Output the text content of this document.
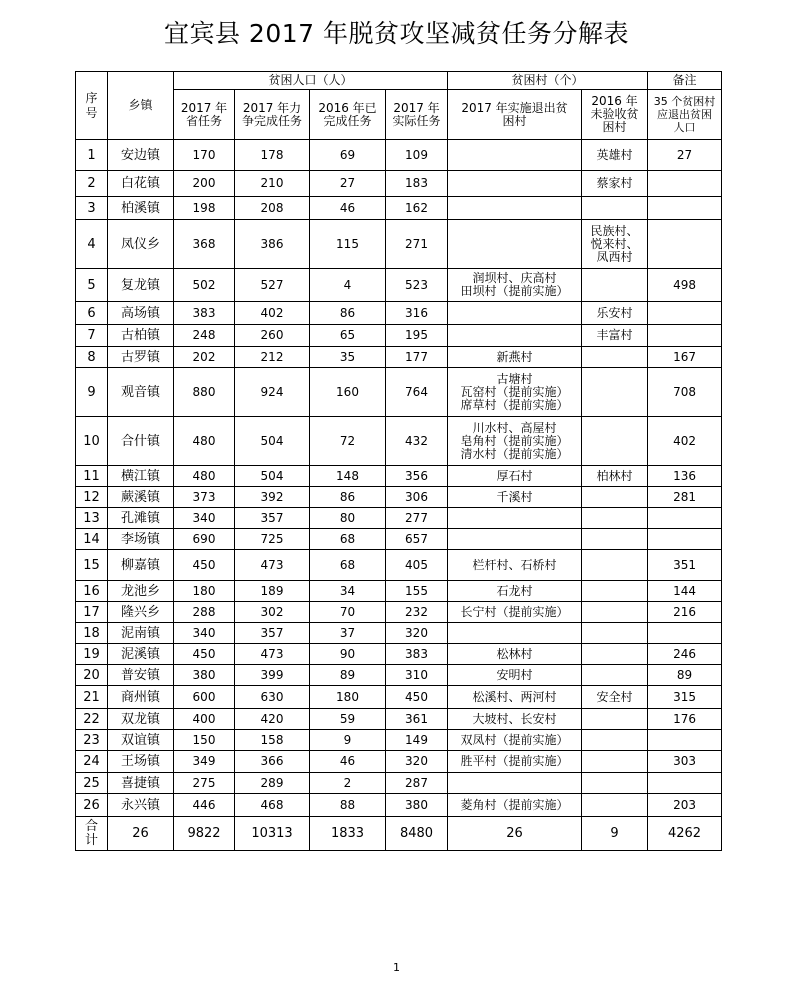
宜宾县 2017 年脱贫攻坚减贫任务分解表
序号	乡镇	贫困人口（人）				贫困村（个）		备注
		2017 年省任务	2017 年力争完成任务	2016 年已完成任务	2017 年实际任务	2017 年实施退出贫困村	2016 年未验收贫困村	35 个贫困村应退出贫困人口
1	安边镇	170	178	69	109		英雄村	27
2	白花镇	200	210	27	183		蔡家村	
3	柏溪镇	198	208	46	162			
4	凤仪乡	368	386	115	271		民族村、悦来村、凤西村	
5	复龙镇	502	527	4	523	润坝村、庆高村
田坝村（提前实施）		498
6	高场镇	383	402	86	316		乐安村	
7	古柏镇	248	260	65	195		丰富村	
8	古罗镇	202	212	35	177	新燕村		167
9	观音镇	880	924	160	764	古塘村
瓦窑村（提前实施）
席草村（提前实施）		708
10	合什镇	480	504	72	432	川水村、高屋村
皂角村（提前实施）
清水村（提前实施）		402
11	横江镇	480	504	148	356	厚石村	柏林村	136
12	蕨溪镇	373	392	86	306	千溪村		281
13	孔滩镇	340	357	80	277			
14	李场镇	690	725	68	657			
15	柳嘉镇	450	473	68	405	栏杆村、石桥村		351
16	龙池乡	180	189	34	155	石龙村		144
17	隆兴乡	288	302	70	232	长宁村（提前实施）		216
18	泥南镇	340	357	37	320			
19	泥溪镇	450	473	90	383	松林村		246
20	普安镇	380	399	89	310	安明村		89
21	商州镇	600	630	180	450	松溪村、两河村	安全村	315
22	双龙镇	400	420	59	361	大坡村、长安村		176
23	双谊镇	150	158	9	149	双凤村（提前实施）		
24	王场镇	349	366	46	320	胜平村（提前实施）		303
25	喜捷镇	275	289	2	287			
26	永兴镇	446	468	88	380	菱角村（提前实施）		203
合计	26	9822	10313	1833	8480	26	9	4262
1
